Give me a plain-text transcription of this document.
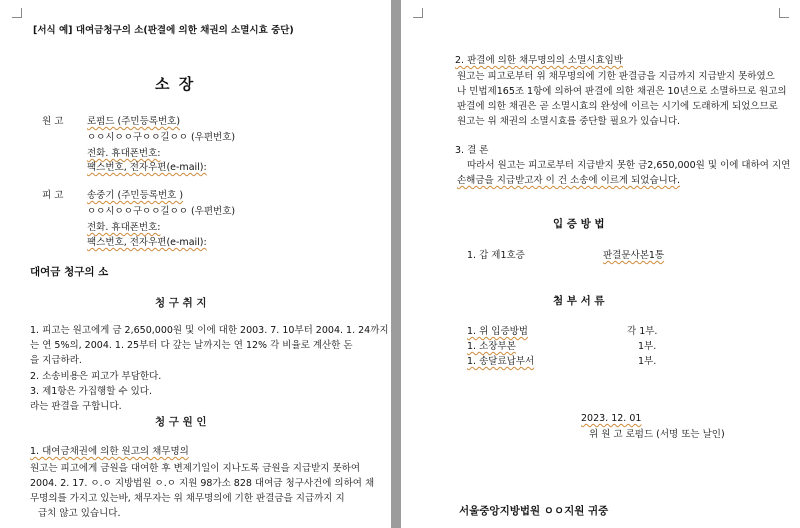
[서식 예] 대여금청구의 소(판결에 의한 채권의 소멸시효 중단)
소 장
원 고 로펌드 (주민등록번호)
ㅇㅇ시ㅇㅇ구ㅇㅇ길ㅇㅇ (우편번호)
전화. 휴대폰번호:
팩스번호, 전자우편(e-mail):
피 고 송중기 (주민등록번호 )
ㅇㅇ시ㅇㅇ구ㅇㅇ길ㅇㅇ (우편번호)
전화. 휴대폰번호:
팩스번호, 전자우편(e-mail):
대여금 청구의 소
청 구 취 지
1. 피고는 원고에게 금 2,650,000원 및 이에 대한 2003. 7. 10부터 2004. 1. 24까지
는 연 5%의, 2004. 1. 25부터 다 갚는 날까지는 연 12% 각 비율로 계산한 돈
을 지급하라.
2. 소송비용은 피고가 부담한다.
3. 제1항은 가집행할 수 있다.
라는 판결을 구합니다.
청 구 원 인
1. 대여금채권에 의한 원고의 채무명의
원고는 피고에게 금원을 대여한 후 변제기일이 지나도록 금원을 지급받지 못하여
2004. 2. 17. ㅇ.ㅇ 지방법원 ㅇ.ㅇ 지원 98가소 828 대여금 청구사건에 의하여 채
무명의를 가지고 있는바, 채무자는 위 채무명의에 기한 판결금을 지급까지 지
급치 않고 있습니다.
2. 판결에 의한 채무명의의 소멸시효임박
원고는 피고로부터 위 채무명의에 기한 판결금을 지급까지 지급받지 못하였으
나 민법제165조 1항에 의하여 판결에 의한 채권은 10년으로 소멸하므로 원고의
판결에 의한 채권은 곧 소멸시효의 완성에 이르는 시기에 도래하게 되었으므로
원고는 위 채권의 소멸시효를 중단할 필요가 있습니다.
3. 결 론
따라서 원고는 피고로부터 지급받지 못한 금2,650,000원 및 이에 대하여 지연
손해금을 지급받고자 이 건 소송에 이르게 되었습니다.
입 증 방 법
1. 갑 제1호증	판결문사본1통
첨 부 서 류
1. 위 입증방법	각 1부.
1. 소장부본	1부.
1. 송달료납부서	1부.
2023. 12. 01
위 원 고 로펌드 (서명 또는 날인)
서울중앙지방법원 ㅇㅇ지원 귀중
